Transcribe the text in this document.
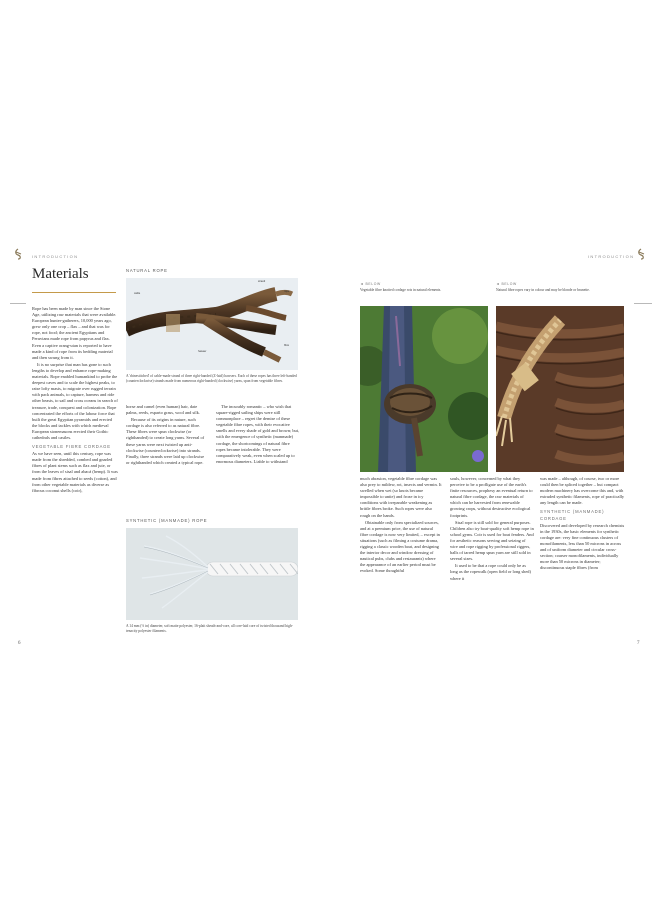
INTRODUCTION
Materials	NATURAL ROPE
cable
strand
rope
fibre
hawser
A 'rhinestitched' of cable-made strand of three right-handed (Z-laid) hawsers. Each of these ropes has three left-handed (counterclockwise) strands made from numerous right-handed (clockwise) yarns, spun from vegetable fibres.

Rope has been made by man since the Stone Age, utilizing raw materials that were available. European hunter-gatherers, 10,000 years ago, grew only one crop – flax – and that was for rope, not food; the ancient Egyptians and Peruvians made rope from papyrus and flax. Even a captive orang-utan is reported to have made a kind of rope from its bedding material and then swung from it.

It is no surprise that man has gone to such lengths to develop and enhance rope-making materials. Rope enabled humankind to probe the deepest caves and to scale the highest peaks, to raise lofty masts, to migrate over rugged terrain with pack animals, to capture, harness and ride other beasts, to sail and cross oceans in search of treasure, trade, conquest and colonization. Rope concentrated the efforts of the labour force that built the great Egyptian pyramids and erected the blocks and tackles with which medieval European stonemasons erected their Gothic cathedrals and castles.

VEGETABLE FIBRE CORDAGE

As we have seen, until this century, rope was made from the shredded, combed and gnarled fibres of plant stems such as flax and jute, or from the leaves of sisal and abacá (hemp). It was made from fibres attached to seeds (cotton), and from other vegetable materials as diverse as fibrous coconut shells (coir),

horse and camel (even human) hair, date palms, reeds, esparto grass, wool and silk.

Because of its origins in nature, such cordage is also referred to as natural fibre. These fibres were spun clockwise (or righthanded) to create long yarns. Several of these yarns were next twisted up anti-clockwise (counterclockwise) into strands. Finally, three strands were laid up clockwise or righthanded which created a typical rope.

The incurably romantic – who wish that square-rigged sailing ships were still commonplace – regret the demise of these vegetable fibre ropes, with their evocative smells and every shade of gold and brown; but, with the emergence of synthetic (manmade) cordage, the shortcomings of natural fibre ropes became intolerable. They were comparatively weak, even when scaled up to enormous diameters. Liable to withstand

SYNTHETIC (MANMADE) ROPE
A 14 mm (½ in) diameter, soft matte polyester, 16-plait sheath-and-core, all core-laid core of twisted thousand high-tenacity polyester filaments.
6
INTRODUCTION
◄ BELOW
Vegetable fibre knotted cordage rots in natural elements.
◄ BELOW
Natural fibre ropes vary in colour and may be blonde or brunette.

much abrasion, vegetable fibre cordage was also prey to mildew, rot, insects and vermin. It swelled when wet (so knots became impossible to untie) and froze in icy conditions with irreparable weakening as brittle fibres broke. Such ropes were also rough on the hands.

Obtainable only from specialized sources, and at a premium price, the use of natural fibre cordage is now very limited, – except in situations (such as filming a costume drama, rigging a classic wooden boat, and designing the interior decor and window dressing of nautical pubs, clubs and restaurants) where the appearance of an earlier period must be evoked. Some thoughtful

souls, however, concerned by what they perceive to be a profligate use of the earth's finite resources, prophesy an eventual return to natural fibre cordage, the raw materials of which can be harvested from renewable growing crops, without destructive ecological footprints.

Sisal rope is still sold for general purposes. Children also try boat-quality soft hemp rope in school gyms. Coir is used for boat fenders. And for aesthetic reasons serving and seizing of wire and rope rigging by professional riggers, balls of tarred hemp spun yarn are still sold in several sizes.

It used to be that a rope could only be as long as the ropewalk (open field or long shed) where it

was made – although, of course, two or more could then be spliced together – but compact modern machinery has overcome this and, with extruded synthetic filaments, rope of practically any length can be made.

SYNTHETIC (MANMADE) CORDAGE

Discovered and developed by research chemists in the 1930s, the basic elements for synthetic cordage are: very fine continuous clusters of monofilaments, less than 50 microns in across and of uniform diameter and circular cross-section; coarser monofilaments, individually more than 50 microns in diameter; discontinuous staple fibres (from

7
